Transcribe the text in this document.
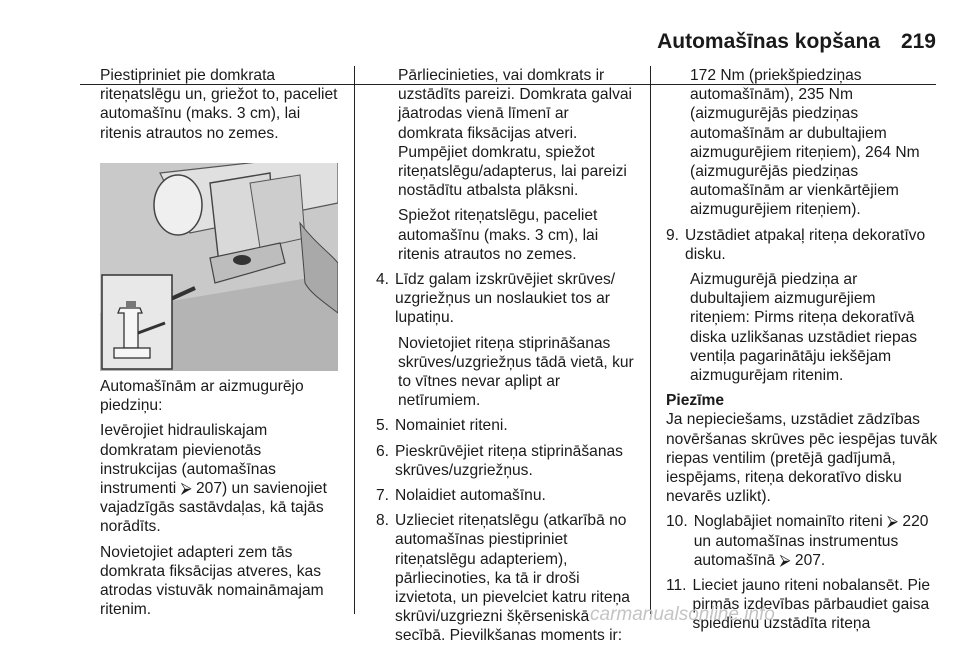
Automašīnas kopšana 219

Piestipriniet pie domkrata riteņatslēgu un, griežot to, paceliet automašīnu (maks. 3 cm), lai ritenis atrautos no zemes.

Automašīnām ar aizmugurējo piedziņu:

Ievērojiet hidrauliskajam domkratam pievienotās instrukcijas (automašīnas instrumenti ⮚ 207) un savienojiet vajadzīgās sastāvdaļas, kā tajās norādīts.

Novietojiet adapteri zem tās domkrata fiksācijas atveres, kas atrodas vistuvāk nomaināmajam ritenim.

Pārliecinieties, vai domkrats ir uzstādīts pareizi. Domkrata galvai jāatrodas vienā līmenī ar domkrata fiksācijas atveri.

Pumpējiet domkratu, spiežot riteņatslēgu/adapterus, lai pareizi nostādītu atbalsta plāksni.

Spiežot riteņatslēgu, paceliet automašīnu (maks. 3 cm), lai ritenis atrautos no zemes.

4. Līdz galam izskrūvējiet skrūves/ uzgriežņus un noslaukiet tos ar lupatiņu.

Novietojiet riteņa stiprināšanas skrūves/uzgriežņus tādā vietā, kur to vītnes nevar aplipt ar netīrumiem.

5. Nomainiet riteni.
6. Pieskrūvējiet riteņa stiprināšanas skrūves/uzgriežņus.
7. Nolaidiet automašīnu.
8. Uzlieciet riteņatslēgu (atkarībā no automašīnas piestipriniet riteņatslēgu adapteriem), pārliecinoties, ka tā ir droši izvietota, un pievelciet katru riteņa skrūvi/uzgriezni šķērseniskā secībā. Pievilkšanas moments ir:

172 Nm (priekšpiedziņas automašīnām), 235 Nm (aizmugurējās piedziņas automašīnām ar dubultajiem aizmugurējiem riteņiem), 264 Nm (aizmugurējās piedziņas automašīnām ar vienkārtējiem aizmugurējiem riteņiem).

9. Uzstādiet atpakaļ riteņa dekoratīvo disku.

Aizmugurējā piedziņa ar dubultajiem aizmugurējiem riteņiem: Pirms riteņa dekoratīvā diska uzlikšanas uzstādiet riepas ventiļa pagarinātāju iekšējam aizmugurējam ritenim.

Piezīme

Ja nepieciešams, uzstādiet zādzības novēršanas skrūves pēc iespējas tuvāk riepas ventilim (pretējā gadījumā, iespējams, riteņa dekoratīvo disku nevarēs uzlikt).

10. Noglabājiet nomainīto riteni ⮚ 220 un automašīnas instrumentus automašīnā ⮚ 207.
11. Lieciet jauno riteni nobalansēt. Pie pirmās izdevības pārbaudiet gaisa spiedienu uzstādīta riteņa
carmanualsonline.info
